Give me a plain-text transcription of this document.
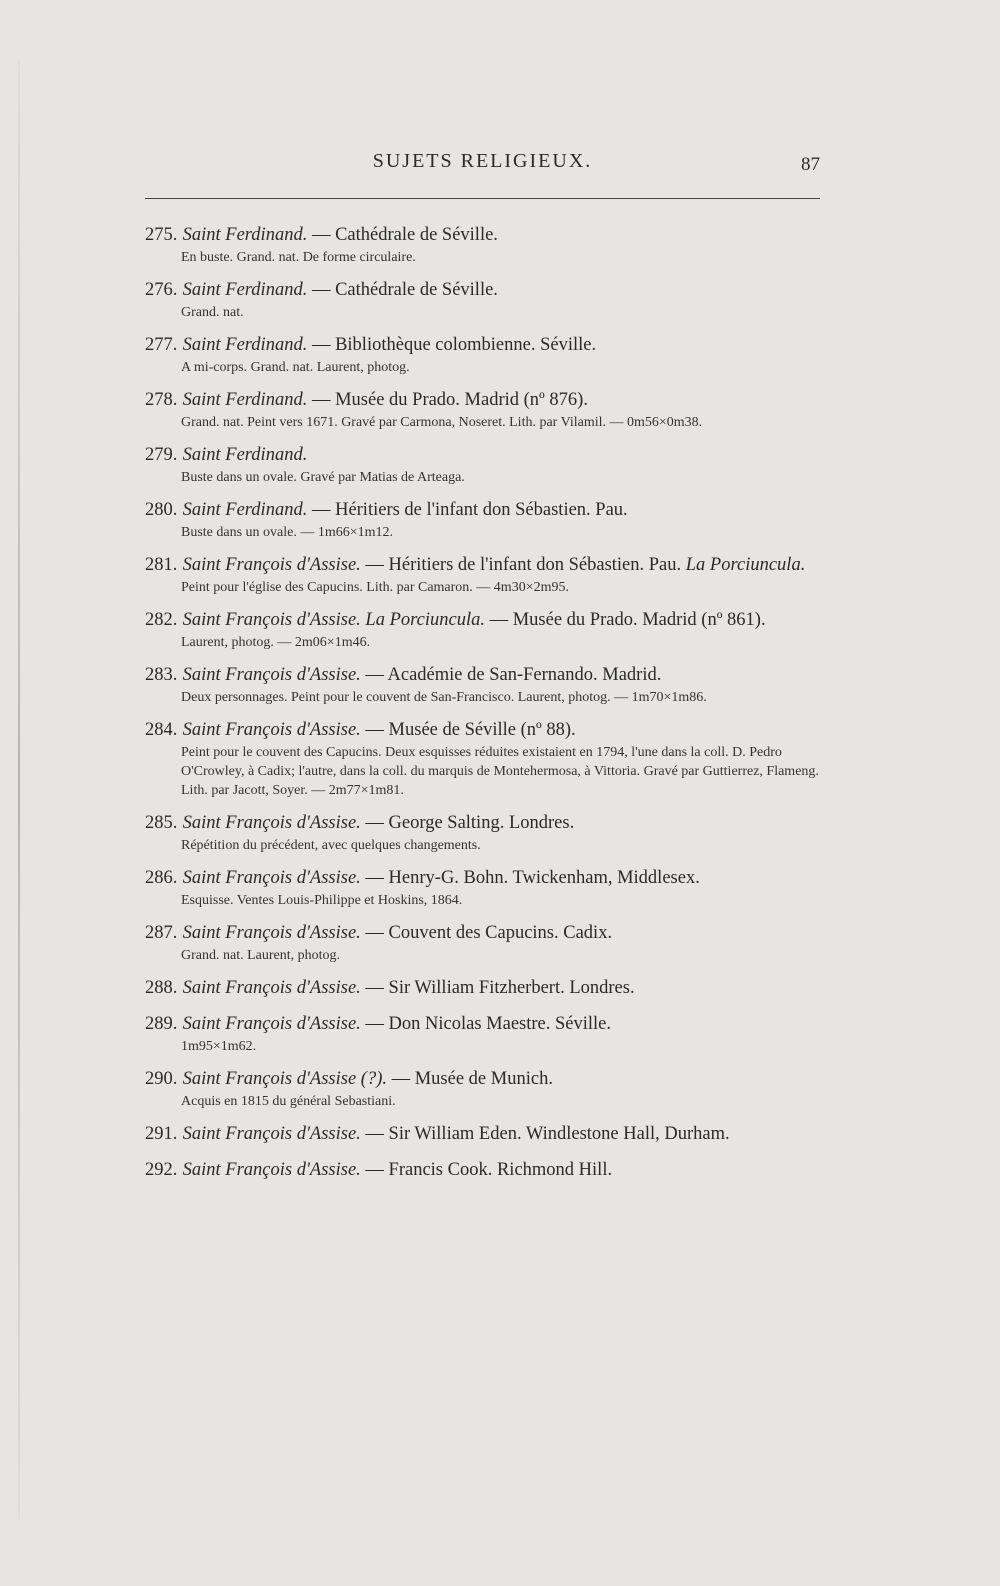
SUJETS RELIGIEUX.	87
275. Saint Ferdinand. — Cathédrale de Séville.
En buste. Grand. nat. De forme circulaire.
276. Saint Ferdinand. — Cathédrale de Séville.
Grand. nat.
277. Saint Ferdinand. — Bibliothèque colombienne. Séville.
A mi-corps. Grand. nat. Laurent, photog.
278. Saint Ferdinand. — Musée du Prado. Madrid (nº 876).
Grand. nat. Peint vers 1671. Gravé par Carmona, Noseret. Lith. par Vilamil. — 0m56×0m38.
279. Saint Ferdinand.
Buste dans un ovale. Gravé par Matias de Arteaga.
280. Saint Ferdinand. — Héritiers de l'infant don Sébastien. Pau.
Buste dans un ovale. — 1m66×1m12.
281. Saint François d'Assise. — Héritiers de l'infant don Sébastien. Pau. La Porciuncula.
Peint pour l'église des Capucins. Lith. par Camaron. — 4m30×2m95.
282. Saint François d'Assise. La Porciuncula. — Musée du Prado. Madrid (nº 861).
Laurent, photog. — 2m06×1m46.
283. Saint François d'Assise. — Académie de San-Fernando. Madrid.
Deux personnages. Peint pour le couvent de San-Francisco. Laurent, photog. — 1m70×1m86.
284. Saint François d'Assise. — Musée de Séville (nº 88).
Peint pour le couvent des Capucins. Deux esquisses réduites existaient en 1794, l'une dans la coll. D. Pedro O'Crowley, à Cadix; l'autre, dans la coll. du marquis de Montehermosa, à Vittoria. Gravé par Guttierrez, Flameng. Lith. par Jacott, Soyer. — 2m77×1m81.
285. Saint François d'Assise. — George Salting. Londres.
Répétition du précédent, avec quelques changements.
286. Saint François d'Assise. — Henry-G. Bohn. Twickenham, Middlesex.
Esquisse. Ventes Louis-Philippe et Hoskins, 1864.
287. Saint François d'Assise. — Couvent des Capucins. Cadix.
Grand. nat. Laurent, photog.
288. Saint François d'Assise. — Sir William Fitzherbert. Londres.
289. Saint François d'Assise. — Don Nicolas Maestre. Séville.
1m95×1m62.
290. Saint François d'Assise (?). — Musée de Munich.
Acquis en 1815 du général Sebastiani.
291. Saint François d'Assise. — Sir William Eden. Windlestone Hall, Durham.
292. Saint François d'Assise. — Francis Cook. Richmond Hill.
